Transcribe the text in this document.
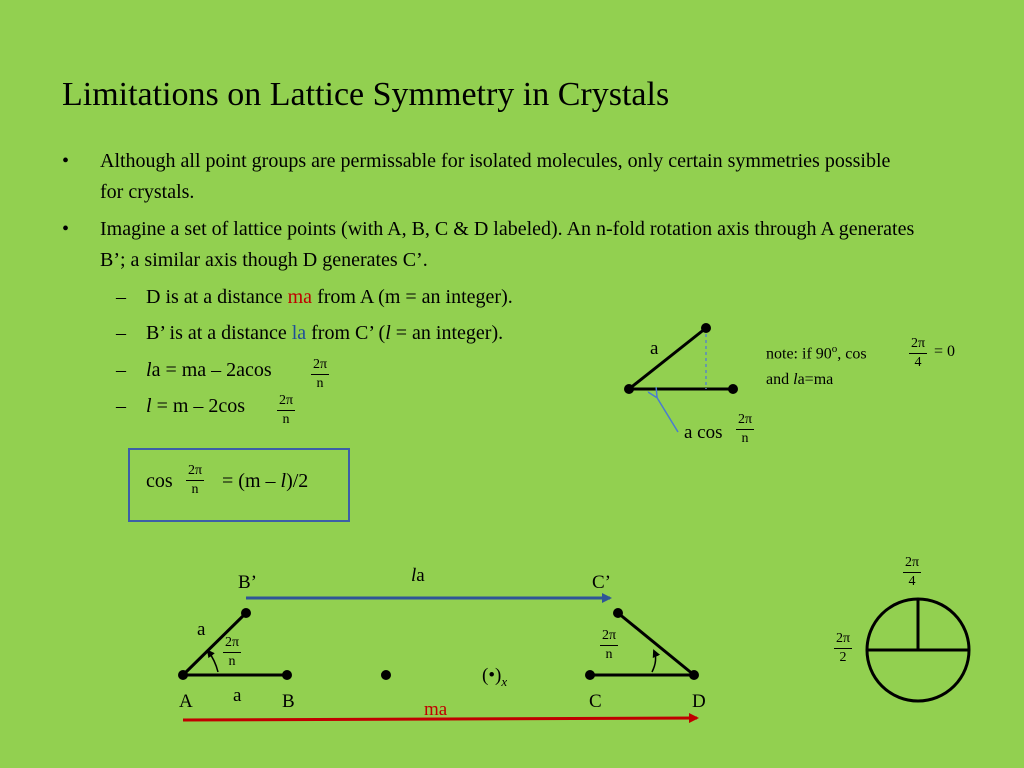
Limitations on Lattice Symmetry in Crystals
• Although all point groups are permissable for isolated molecules, only certain symmetries possible for crystals.
• Imagine a set of lattice points (with A, B, C & D labeled). An n-fold rotation axis through A generates B’; a similar axis though D generates C’.
– D is at a distance ma from A (m = an integer).
– B’ is at a distance la from C’ (l = an integer).
– la = ma – 2acos	$\frac{2\pi}{n}$
– $l = m - 2\cos \frac{2\pi}{n}$
$\cos \frac{2\pi}{n} = (m - l)/2$
a
a $\cos \frac{2\pi}{n}$
note: if 90$^o$, cos	$\frac{2\pi}{4} = 0$
and la=ma
B’	C’
la
a
$\frac{2\pi}{n}$	$\frac{2\pi}{n}$
a
A	B	C	D
ma
$(•)_x$
$\frac{2\pi}{4}$
$\frac{2\pi}{2}$
